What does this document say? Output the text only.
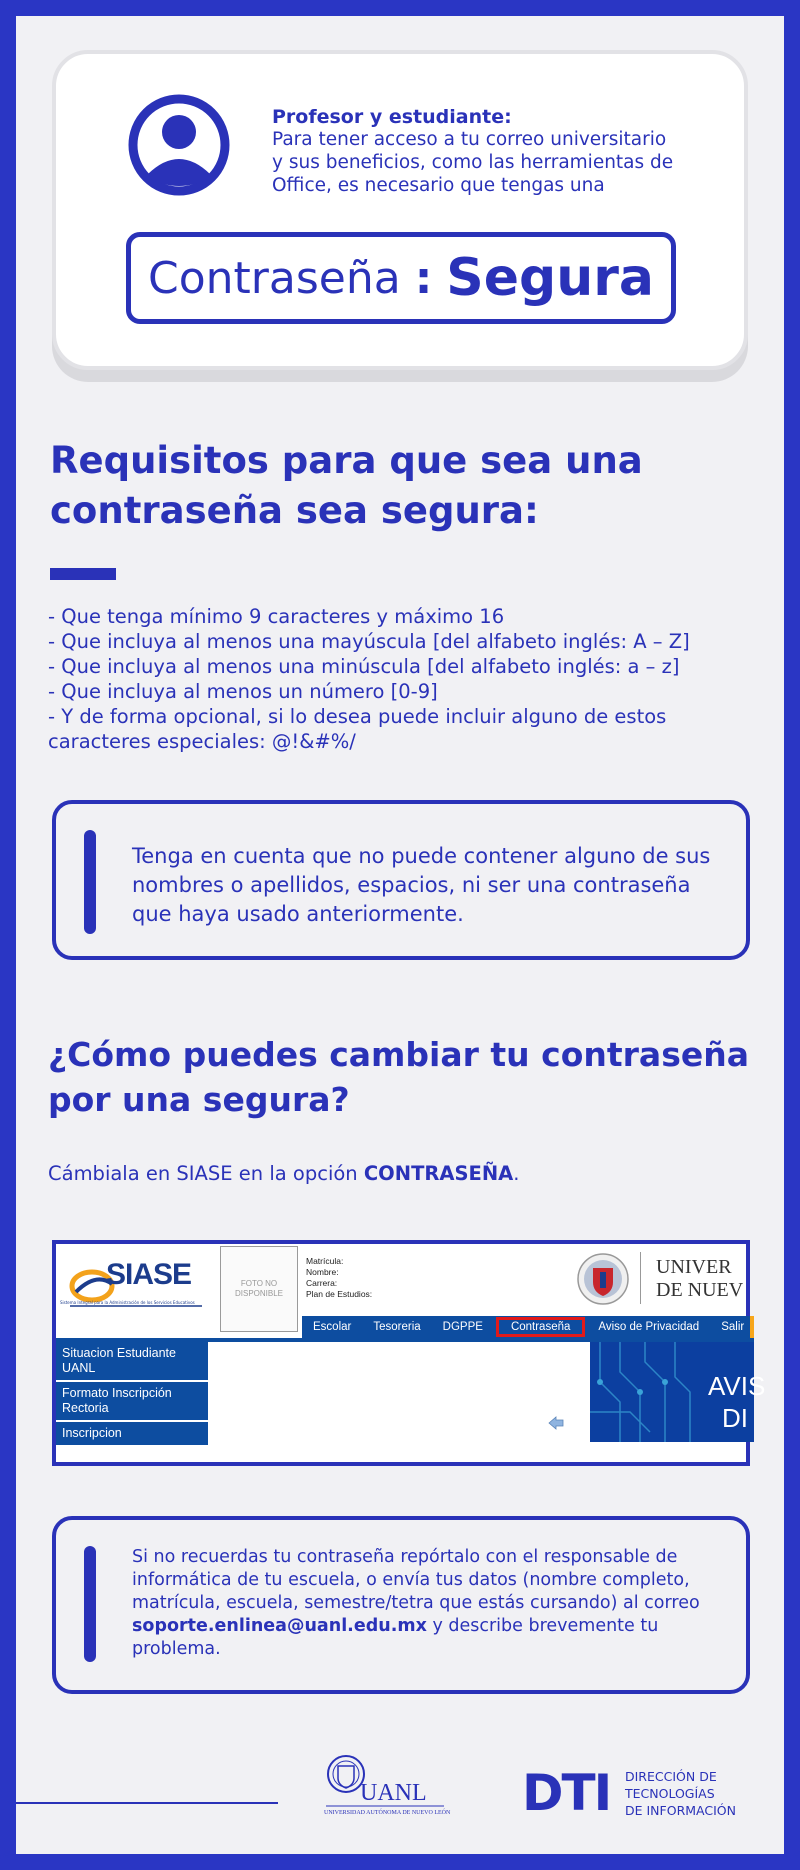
Profesor y estudiante:
Para tener acceso a tu correo universitario
y sus beneficios, como las herramientas de
Office, es necesario que tengas una
Contraseña : Segura
Requisitos para que sea una contraseña sea segura:
- Que tenga mínimo 9 caracteres y máximo 16
- Que incluya al menos una mayúscula [del alfabeto inglés: A – Z]
- Que incluya al menos una minúscula [del alfabeto inglés: a – z]
- Que incluya al menos un número [0-9]
- Y de forma opcional, si lo desea puede incluir alguno de estos caracteres especiales: @!&#%/
Tenga en cuenta que no puede contener alguno de sus nombres o apellidos, espacios, ni ser una contraseña que haya usado anteriormente.
¿Cómo puedes cambiar tu contraseña por una segura?
Cámbiala en SIASE en la opción CONTRASEÑA.
SIASE
Sistema Integral para la Administración de los Servicios Educativos
FOTO NO DISPONIBLE
Matrícula:
Nombre:
Carrera:
Plan de Estudios:
UNIVER
DE NUEV
Escolar	Tesoreria	DGPPE	Contraseña	Aviso de Privacidad	Salir
Situacion Estudiante UANL
Formato Inscripción Rectoria
Inscripcion
AVIS
DI
Si no recuerdas tu contraseña repórtalo con el responsable de informática de tu escuela, o envía tus datos (nombre completo, matrícula, escuela, semestre/tetra que estás cursando) al correo soporte.enlinea@uanl.edu.mx y describe brevemente tu problema.
UANL
UNIVERSIDAD AUTÓNOMA DE NUEVO LEÓN DTI DIRECCIÓN DE
TECNOLOGÍAS
DE INFORMACIÓN
